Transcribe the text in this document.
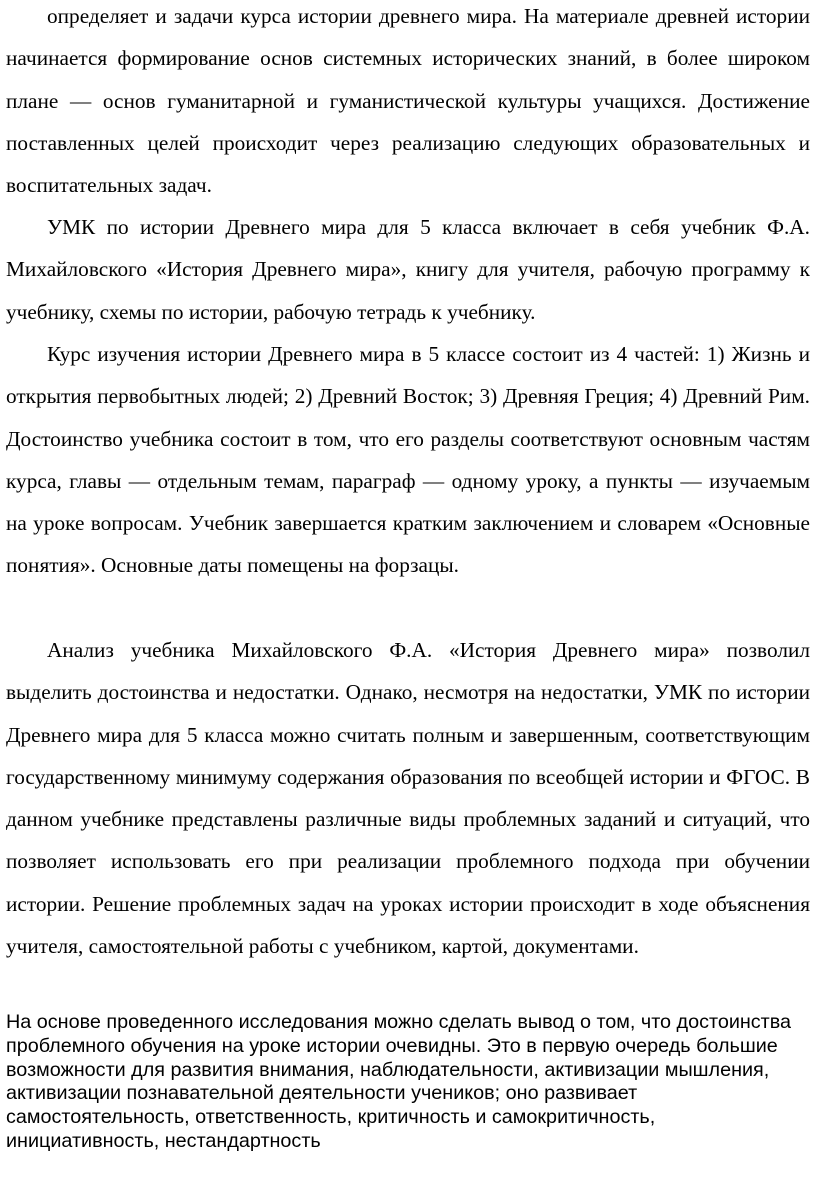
определяет и задачи курса истории древнего мира. На материале древней истории начинается формирование основ системных исторических знаний, в более широком плане — основ гуманитарной и гуманистической культуры учащихся. Достижение поставленных целей происходит через реализацию следующих образовательных и воспитательных задач.

УМК по истории Древнего мира для 5 класса включает в себя учебник Ф.А. Михайловского «История Древнего мира», книгу для учителя, рабочую программу к учебнику, схемы по истории, рабочую тетрадь к учебнику.

Курс изучения истории Древнего мира в 5 классе состоит из 4 частей: 1) Жизнь и открытия первобытных людей; 2) Древний Восток; 3) Древняя Греция; 4) Древний Рим. Достоинство учебника состоит в том, что его разделы соответствуют основным частям курса, главы — отдельным темам, параграф — одному уроку, а пункты — изучаемым на уроке вопросам. Учебник завершается кратким заключением и словарем «Основные понятия». Основные даты помещены на форзацы.

Анализ учебника Михайловского Ф.А. «История Древнего мира» позволил выделить достоинства и недостатки. Однако, несмотря на недостатки, УМК по истории Древнего мира для 5 класса можно считать полным и завершенным, соответствующим государственному минимуму содержания образования по всеобщей истории и ФГОС. В данном учебнике представлены различные виды проблемных заданий и ситуаций, что позволяет использовать его при реализации проблемного подхода при обучении истории. Решение проблемных задач на уроках истории происходит в ходе объяснения учителя, самостоятельной работы с учебником, картой, документами.

На основе проведенного исследования можно сделать вывод о том, что достоинства проблемного обучения на уроке истории очевидны. Это в первую очередь большие возможности для развития внимания, наблюдательности, активизации мышления, активизации познавательной деятельности учеников; оно развивает самостоятельность, ответственность, критичность и самокритичность, инициативность, нестандартность
